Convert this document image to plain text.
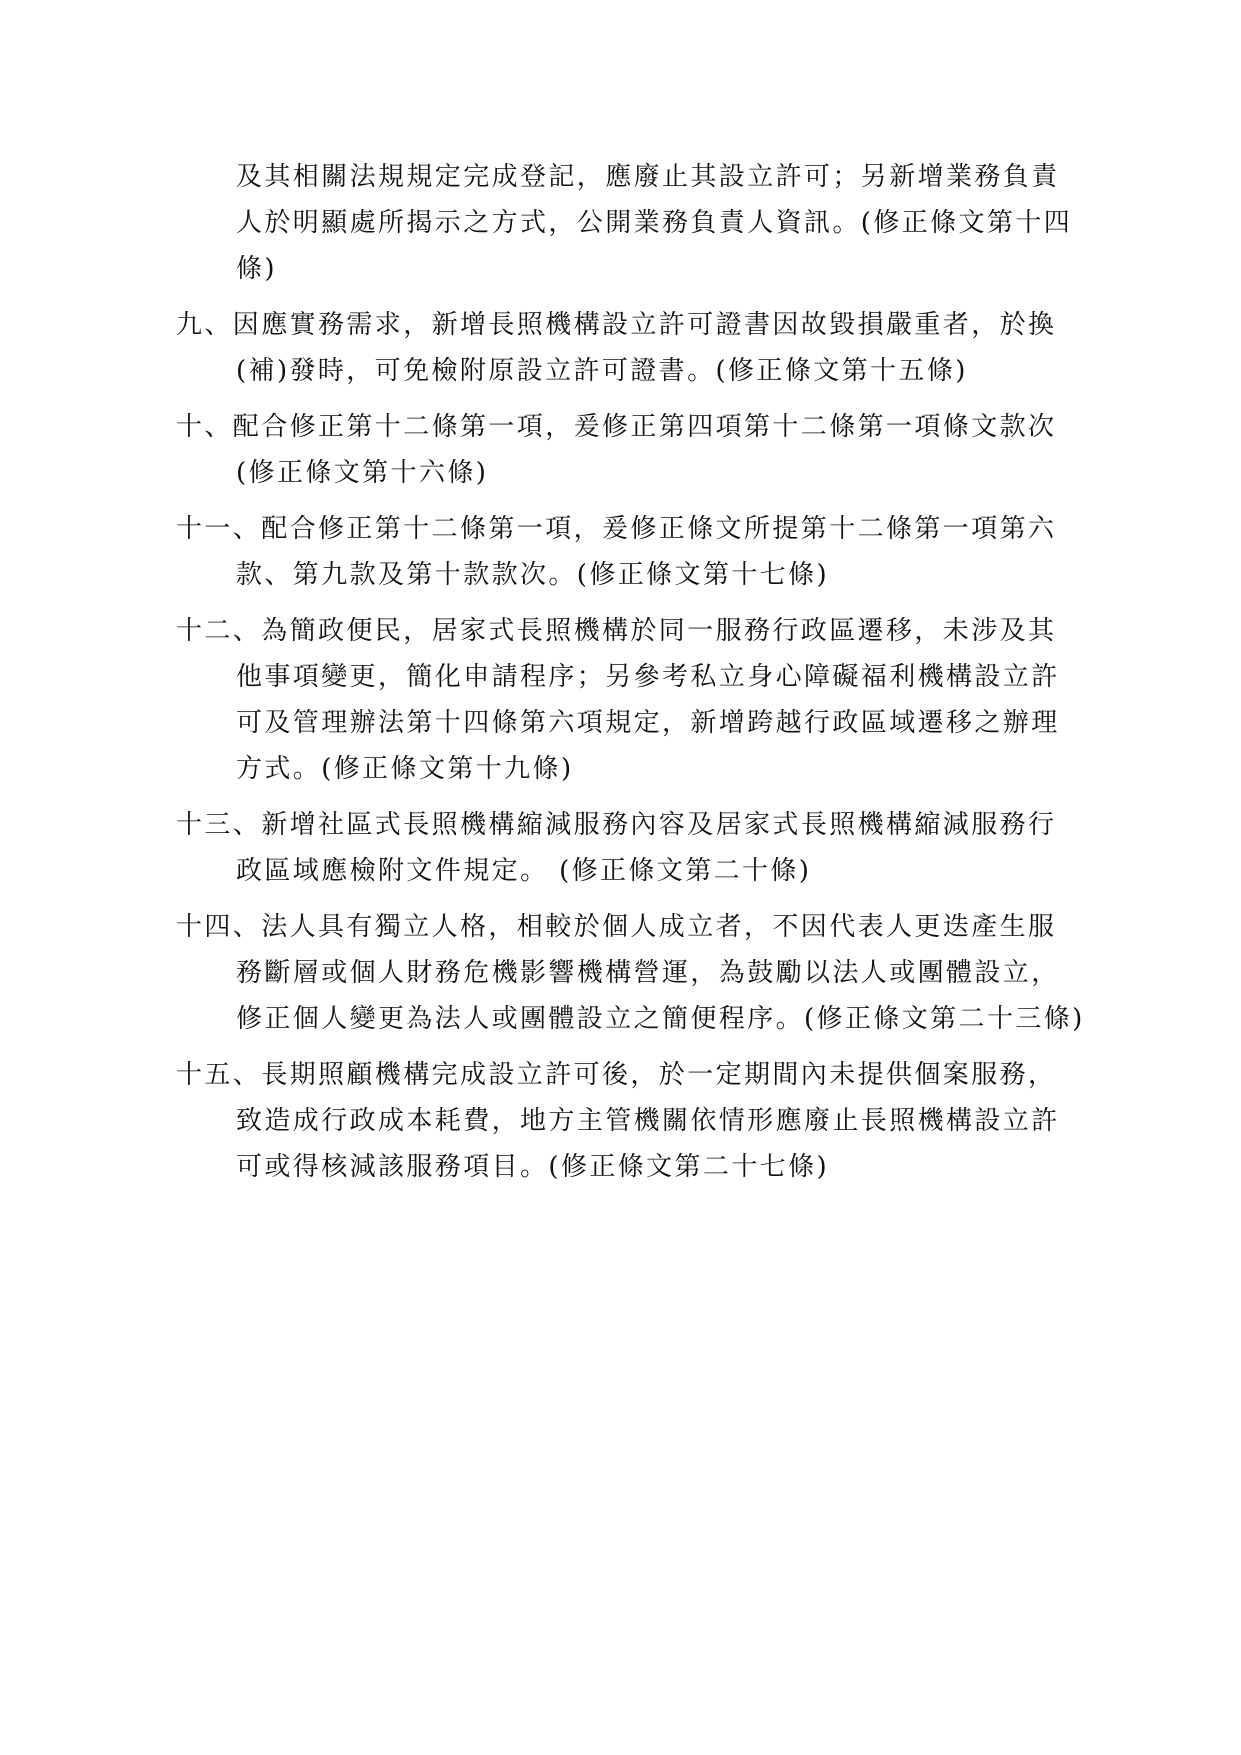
及其相關法規規定完成登記，應廢止其設立許可；另新增業務負責
人於明顯處所揭示之方式，公開業務負責人資訊。(修正條文第十四
條)
九、因應實務需求，新增長照機構設立許可證書因故毀損嚴重者，於換
(補)發時，可免檢附原設立許可證書。(修正條文第十五條)
十、配合修正第十二條第一項，爰修正第四項第十二條第一項條文款次
(修正條文第十六條)
十一、配合修正第十二條第一項，爰修正條文所提第十二條第一項第六
款、第九款及第十款款次。(修正條文第十七條)
十二、為簡政便民，居家式長照機構於同一服務行政區遷移，未涉及其
他事項變更，簡化申請程序；另參考私立身心障礙福利機構設立許
可及管理辦法第十四條第六項規定，新增跨越行政區域遷移之辦理
方式。(修正條文第十九條)
十三、新增社區式長照機構縮減服務內容及居家式長照機構縮減服務行
政區域應檢附文件規定。 (修正條文第二十條)
十四、法人具有獨立人格，相較於個人成立者，不因代表人更迭產生服
務斷層或個人財務危機影響機構營運，為鼓勵以法人或團體設立，
修正個人變更為法人或團體設立之簡便程序。(修正條文第二十三條)
十五、長期照顧機構完成設立許可後，於一定期間內未提供個案服務，
致造成行政成本耗費，地方主管機關依情形應廢止長照機構設立許
可或得核減該服務項目。(修正條文第二十七條)
